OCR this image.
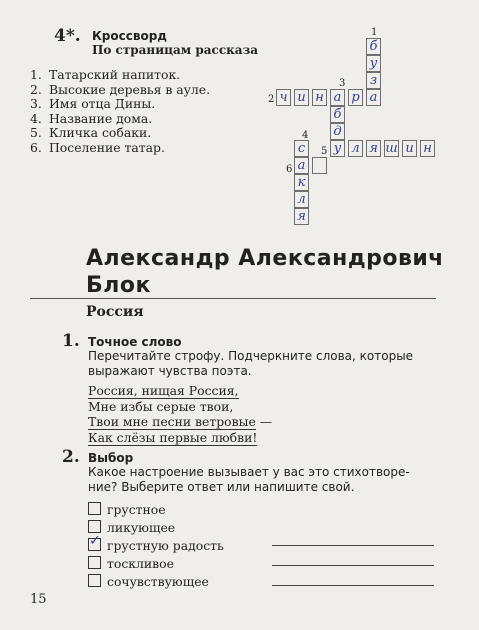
4*. Кроссворд
По страницам рассказа
1. Татарский напиток.
2. Высокие деревья в ауле.
3. Имя отца Дины.
4. Название дома.
5. Кличка собаки.
6. Поселение татар.
1
3
2
4
5
6
б
у
з
ч и н а р а
б
д
у л я ш и н
с
а
к
л
я
Александр Александрович
Блок
Россия
1. Точное слово
Перечитайте строфу. Подчеркните слова, которые
выражают чувства поэта.
Россия, нищая Россия,
Мне избы серые твои,
Твои мне песни ветровые —
Как слёзы первые любви!
2. Выбор
Какое настроение вызывает у вас это стихотворе-
ние? Выберите ответ или напишите свой.
грустное
ликующее
✓ грустную радость
тоскливое
сочувствующее
15
